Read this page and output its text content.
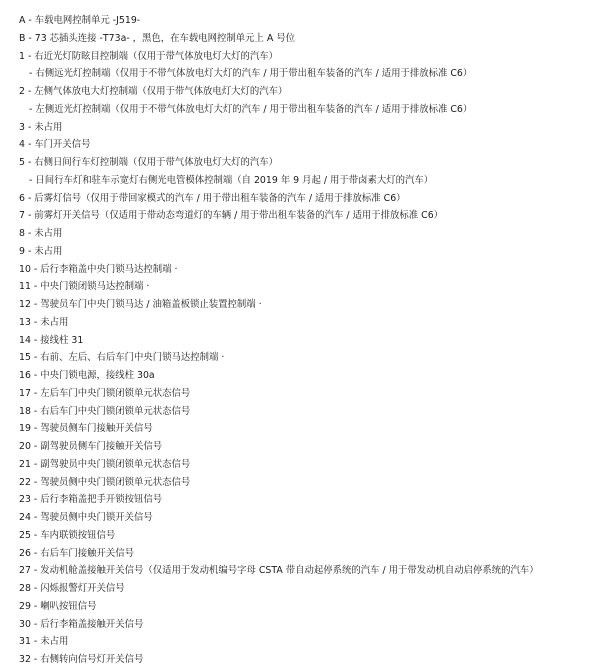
A - 车载电网控制单元 -J519-
B - 73 芯插头连接 -T73a- ，黑色，在车载电网控制单元上 A 号位
1 - 右近光灯防眩目控制端（仅用于带气体放电灯大灯的汽车）
- 右侧远光灯控制端（仅用于不带气体放电灯大灯的汽车 / 用于带出租车装备的汽车 / 适用于排放标准 C6）
2 - 左侧气体放电大灯控制端（仅用于带气体放电灯大灯的汽车）
- 左侧近光灯控制端（仅用于不带气体放电灯大灯的汽车 / 用于带出租车装备的汽车 / 适用于排放标准 C6）
3 - 未占用
4 - 车门开关信号
5 - 右侧日间行车灯控制端（仅用于带气体放电灯大灯的汽车）
- 日间行车灯和驻车示宽灯右侧光电管模体控制端（自 2019 年 9 月起 / 用于带卤素大灯的汽车）
6 - 后雾灯信号（仅用于带回家模式的汽车 / 用于带出租车装备的汽车 / 适用于排放标准 C6）
7 - 前雾灯开关信号（仅适用于带动态弯道灯的车辆 / 用于带出租车装备的汽车 / 适用于排放标准 C6）
8 - 未占用
9 - 未占用
10 - 后行李箱盖中央门锁马达控制端 ·
11 - 中央门锁闭锁马达控制端 ·
12 - 驾驶员车门中央门锁马达 / 油箱盖板锁止装置控制端 ·
13 - 未占用
14 - 接线柱 31
15 - 右前、左后、右后车门中央门锁马达控制端 ·
16 - 中央门锁电源，接线柱 30a
17 - 左后车门中央门锁闭锁单元状态信号
18 - 右后车门中央门锁闭锁单元状态信号
19 - 驾驶员侧车门接触开关信号
20 - 副驾驶员侧车门接触开关信号
21 - 副驾驶员中央门锁闭锁单元状态信号
22 - 驾驶员侧中央门锁闭锁单元状态信号
23 - 后行李箱盖把手开锁按钮信号
24 - 驾驶员侧中央门锁开关信号
25 - 车内联锁按钮信号
26 - 右后车门接触开关信号
27 - 发动机舱盖接触开关信号（仅适用于发动机编号字母 CSTA 带自动起停系统的汽车 / 用于带发动机自动启停系统的汽车）
28 - 闪烁报警灯开关信号
29 - 喇叭按钮信号
30 - 后行李箱盖接触开关信号
31 - 未占用
32 - 右侧转向信号灯开关信号
